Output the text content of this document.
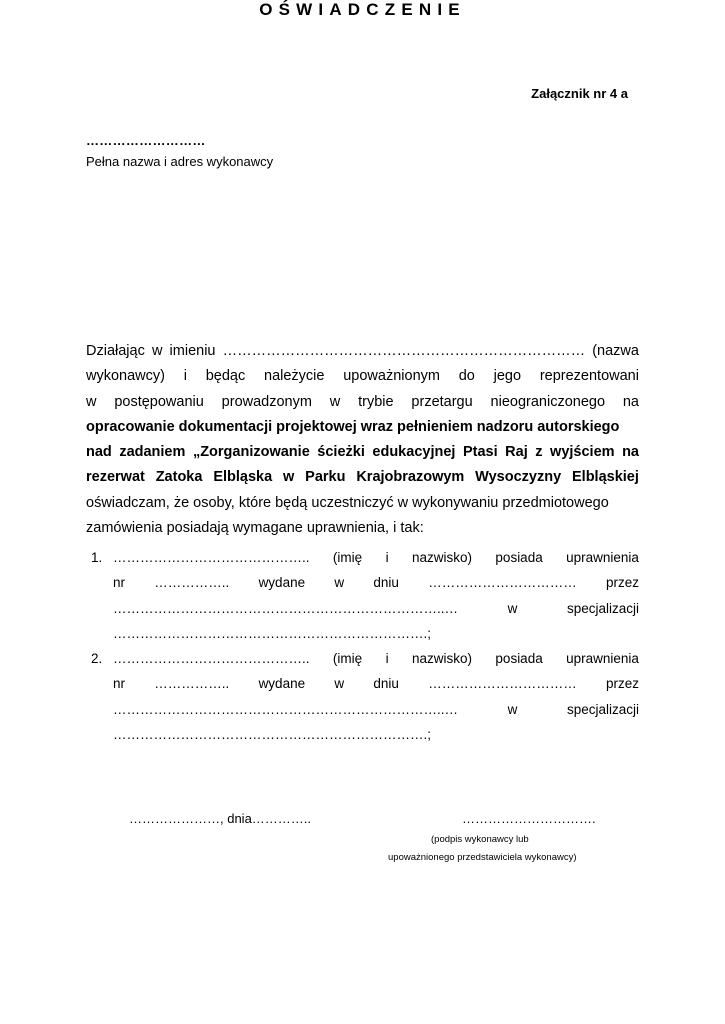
Załącznik nr 4 a
………………………
Pełna nazwa i adres wykonawcy
OŚWIADCZENIE
Działając w imieniu ………………………………………………………………… (nazwa
wykonawcy) i będąc należycie upoważnionym do jego reprezentowani
w postępowaniu prowadzonym w trybie przetargu nieograniczonego na
opracowanie dokumentacji projektowej wraz pełnieniem nadzoru autorskiego
nad zadaniem „Zorganizowanie ścieżki edukacyjnej Ptasi Raj z wyjściem na
rezerwat Zatoka Elbląska w Parku Krajobrazowym Wysoczyzny Elbląskiej
oświadczam, że osoby, które będą uczestniczyć w wykonywaniu przedmiotowego
zamówienia posiadają wymagane uprawnienia, i tak:
1. …………………………………….. (imię i nazwisko) posiada uprawnienia
nr …………….. wydane w dniu …………………………… przez
………………………………………………………………..…	w	specjalizacji
…………………………………………………………….;
2. …………………………………….. (imię i nazwisko) posiada uprawnienia
nr …………….. wydane w dniu …………………………… przez
………………………………………………………………..…	w	specjalizacji
…………………………………………………………….;
…………………, dnia…………..	………………………….
(podpis wykonawcy lub
upoważnionego przedstawiciela wykonawcy)
